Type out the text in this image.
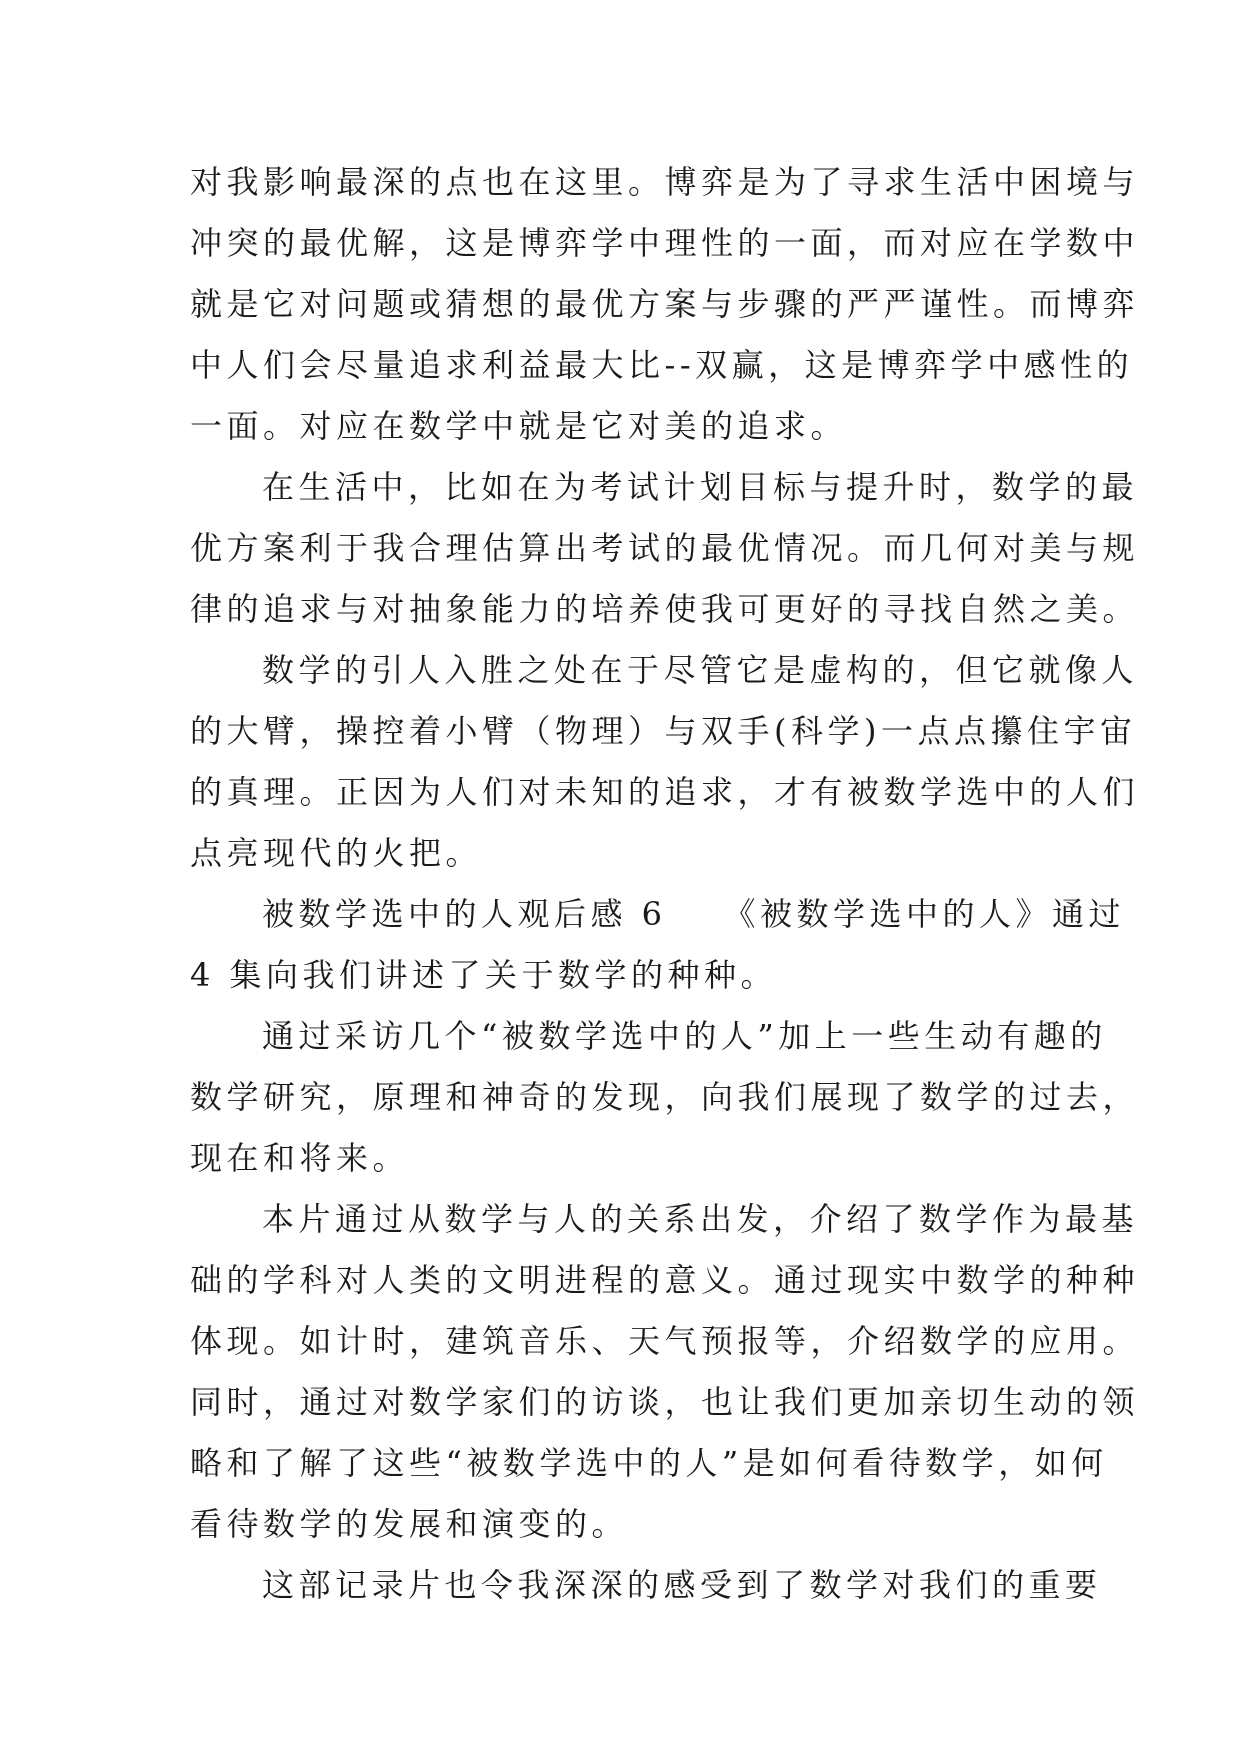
对我影响最深的点也在这里。博弈是为了寻求生活中困境与
冲突的最优解，这是博弈学中理性的一面，而对应在学数中
就是它对问题或猜想的最优方案与步骤的严严谨性。而博弈
中人们会尽量追求利益最大比--双赢，这是博弈学中感性的
一面。对应在数学中就是它对美的追求。
在生活中，比如在为考试计划目标与提升时，数学的最
优方案利于我合理估算出考试的最优情况。而几何对美与规
律的追求与对抽象能力的培养使我可更好的寻找自然之美。
数学的引人入胜之处在于尽管它是虚构的，但它就像人
的大臂，操控着小臂（物理）与双手(科学)一点点攥住宇宙
的真理。正因为人们对未知的追求，才有被数学选中的人们
点亮现代的火把。
被数学选中的人观后感 6　　《被数学选中的人》通过
4 集向我们讲述了关于数学的种种。
通过采访几个“被数学选中的人”加上一些生动有趣的
数学研究，原理和神奇的发现，向我们展现了数学的过去，
现在和将来。
本片通过从数学与人的关系出发，介绍了数学作为最基
础的学科对人类的文明进程的意义。通过现实中数学的种种
体现。如计时，建筑音乐、天气预报等，介绍数学的应用。
同时，通过对数学家们的访谈，也让我们更加亲切生动的领
略和了解了这些“被数学选中的人”是如何看待数学，如何
看待数学的发展和演变的。
这部记录片也令我深深的感受到了数学对我们的重要
